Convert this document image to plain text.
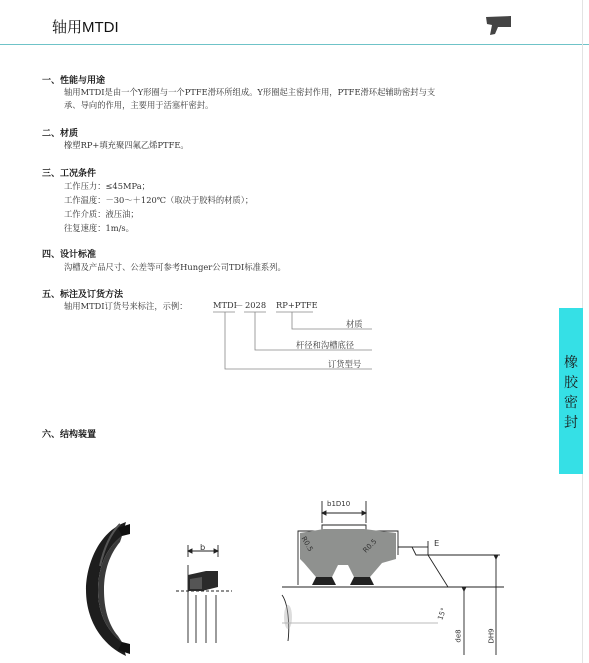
轴用MTDI
橡
胶
密
封
一、性能与用途
轴用MTDI是由一个Y形圈与一个PTFE滑环所组成。Y形圈起主密封作用，PTFE滑环起辅助密封与支
承、导向的作用，主要用于活塞杆密封。
二、材质
橡塑RP+填充聚四氟乙烯PTFE。
三、工况条件
工作压力：≤45MPa；
工作温度：－30～＋120℃（取决于胶料的材质）；
工作介质：液压油；
往复速度：1m/s。
四、设计标准
沟槽及产品尺寸、公差等可参考Hunger公司TDI标准系列。
五、标注及订货方法
轴用MTDI订货号来标注，示例：	MTDI
－ 2028 RP+PTFE
材质
杆径和沟槽底径
订货型号
六、结构装置
b
b1D10
R0.5	R0.5	E
15°
de8	DH9
